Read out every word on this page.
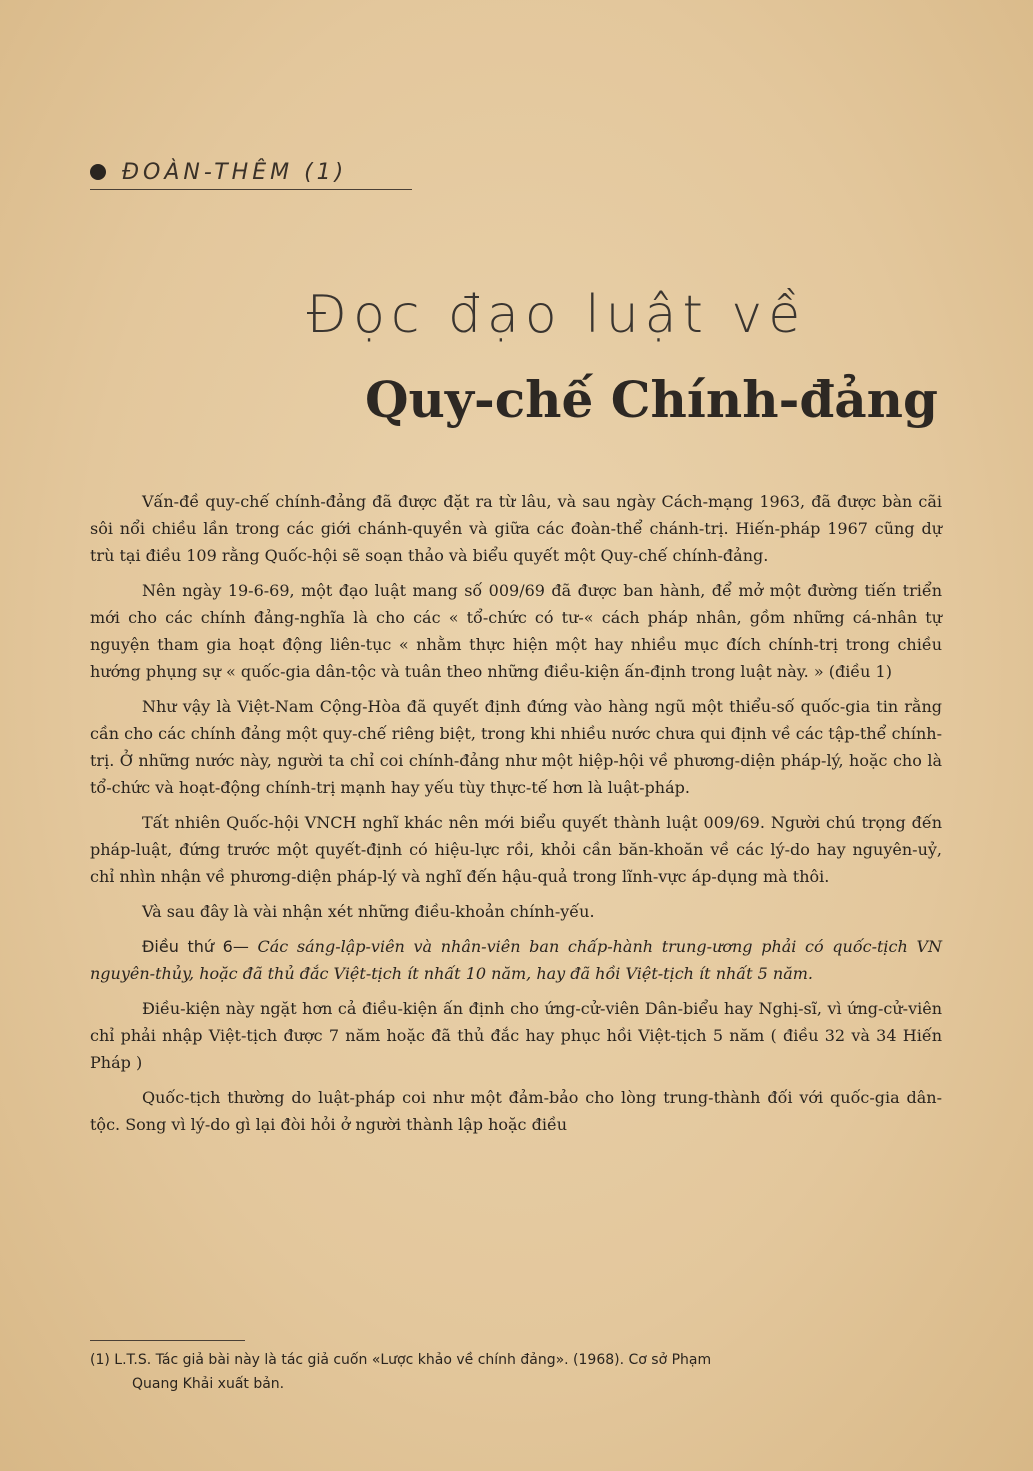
ĐOÀN-THÊM (1)
Đọc đạo luật về
Quy-chế Chính-đảng

Vấn-đề quy-chế chính-đảng đã được đặt ra từ lâu, và sau ngày Cách-mạng 1963, đã được bàn cãi sôi nổi chiều lần trong các giới chánh-quyền và giữa các đoàn-thể chánh-trị. Hiến-pháp 1967 cũng dự trù tại điều 109 rằng Quốc-hội sẽ soạn thảo và biểu quyết một Quy-chế chính-đảng.

Nên ngày 19-6-69, một đạo luật mang số 009/69 đã được ban hành, để mở một đường tiến triển mới cho các chính đảng-nghĩa là cho các « tổ-chức có tư-« cách pháp nhân, gồm những cá-nhân tự nguyện tham gia hoạt động liên-tục « nhằm thực hiện một hay nhiều mục đích chính-trị trong chiều hướng phụng sự « quốc-gia dân-tộc và tuân theo những điều-kiện ấn-định trong luật này. » (điều 1)

Như vậy là Việt-Nam Cộng-Hòa đã quyết định đứng vào hàng ngũ một thiểu-số quốc-gia tin rằng cần cho các chính đảng một quy-chế riêng biệt, trong khi nhiều nước chưa qui định về các tập-thể chính-trị. Ở những nước này, người ta chỉ coi chính-đảng như một hiệp-hội về phương-diện pháp-lý, hoặc cho là tổ-chức và hoạt-động chính-trị mạnh hay yếu tùy thực-tế hơn là luật-pháp.

Tất nhiên Quốc-hội VNCH nghĩ khác nên mới biểu quyết thành luật 009/69. Người chú trọng đến pháp-luật, đứng trước một quyết-định có hiệu-lực rồi, khỏi cần băn-khoăn về các lý-do hay nguyên-uỷ, chỉ nhìn nhận về phương-diện pháp-lý và nghĩ đến hậu-quả trong lĩnh-vực áp-dụng mà thôi.

Và sau đây là vài nhận xét những điều-khoản chính-yếu.

Điều thứ 6— Các sáng-lập-viên và nhân-viên ban chấp-hành trung-ương phải có quốc-tịch VN nguyên-thủy, hoặc đã thủ đắc Việt-tịch ít nhất 10 năm, hay đã hồi Việt-tịch ít nhất 5 năm.

Điều-kiện này ngặt hơn cả điều-kiện ấn định cho ứng-cử-viên Dân-biểu hay Nghị-sĩ, vì ứng-cử-viên chỉ phải nhập Việt-tịch được 7 năm hoặc đã thủ đắc hay phục hồi Việt-tịch 5 năm ( điều 32 và 34 Hiến Pháp )

Quốc-tịch thường do luật-pháp coi như một đảm-bảo cho lòng trung-thành đối với quốc-gia dân-tộc. Song vì lý-do gì lại đòi hỏi ở người thành lập hoặc điều

(1) L.T.S. Tác giả bài này là tác giả cuốn «Lược khảo về chính đảng». (1968). Cơ sở Phạm
Quang Khải xuất bản.
